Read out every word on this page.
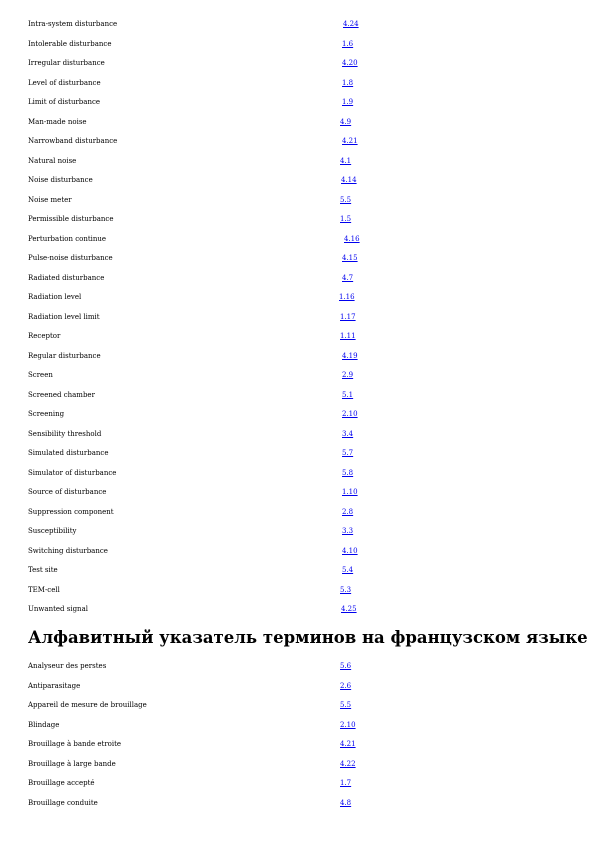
Intra-system disturbance	4.24
Intolerable disturbance	1.6
Irregular disturbance	4.20
Level of disturbance	1.8
Limit of disturbance	1.9
Man-made noise	4.9
Narrowband disturbance	4.21
Natural noise	4.1
Noise disturbance	4.14
Noise meter	5.5
Permissible disturbance	1.5
Perturbation continue	4.16
Pulse-noise disturbance	4.15
Radiated disturbance	4.7
Radiation level	1.16
Radiation level limit	1.17
Receptor	1.11
Regular disturbance	4.19
Screen	2.9
Screened chamber	5.1
Screening	2.10
Sensibility threshold	3.4
Simulated disturbance	5.7
Simulator of disturbance	5.8
Source of disturbance	1.10
Suppression component	2.8
Susceptibility	3.3
Switching disturbance	4.10
Test site	5.4
TEM-cell	5.3
Unwanted signal	4.25
Алфавитный указатель терминов на французском языке
Analyseur des perstes	5.6
Antiparasitage	2.6
Appareil de mesure de brouillage	5.5
Blindage	2.10
Brouillage à bande etroite	4.21
Brouillage à large bande	4.22
Brouillage accepté	1.7
Brouillage conduite	4.8
